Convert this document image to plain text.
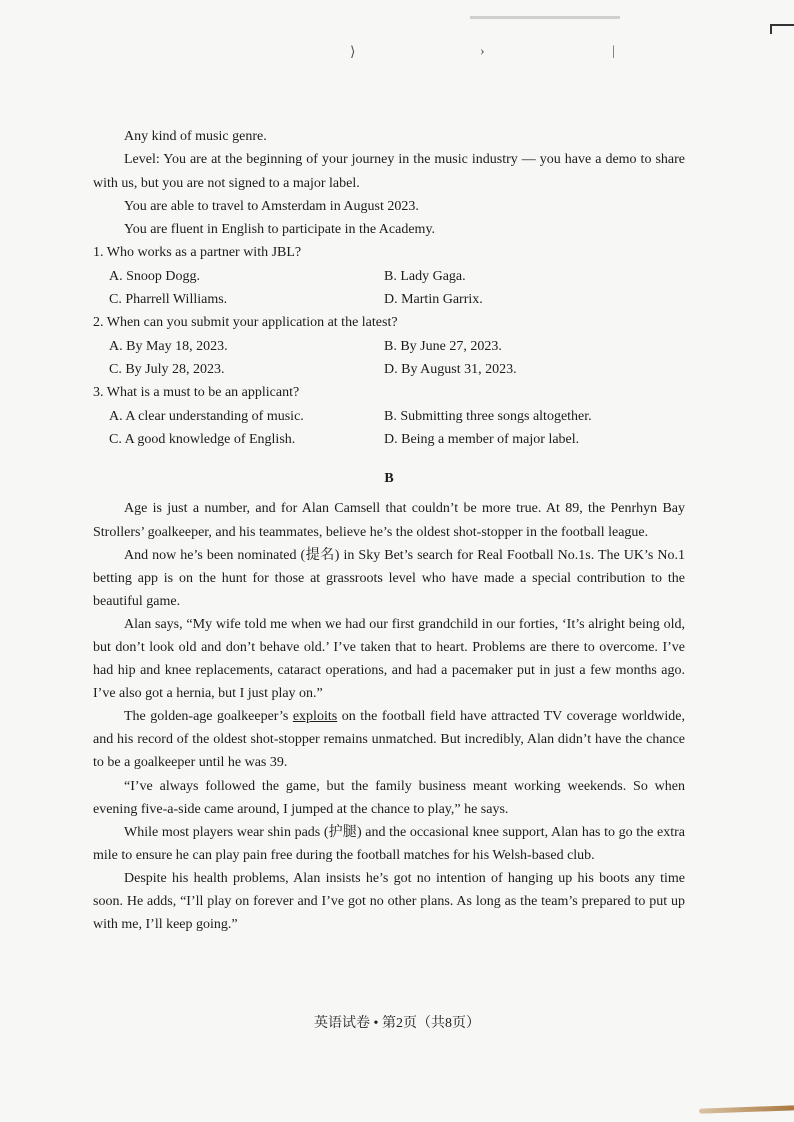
⟩	›	|

Any kind of music genre.

Level: You are at the beginning of your journey in the music industry — you have a demo to share with us, but you are not signed to a major label.

You are able to travel to Amsterdam in August 2023.

You are fluent in English to participate in the Academy.

1. Who works as a partner with JBL?

A. Snoop Dogg.	B. Lady Gaga.
C. Pharrell Williams.	D. Martin Garrix.

2. When can you submit your application at the latest?

A. By May 18, 2023.	B. By June 27, 2023.
C. By July 28, 2023.	D. By August 31, 2023.

3. What is a must to be an applicant?

A. A clear understanding of music.	B. Submitting three songs altogether.
C. A good knowledge of English.	D. Being a member of major label.
B

Age is just a number, and for Alan Camsell that couldn’t be more true. At 89, the Penrhyn Bay Strollers’ goalkeeper, and his teammates, believe he’s the oldest shot-stopper in the football league.

And now he’s been nominated (提名) in Sky Bet’s search for Real Football No.1s. The UK’s No.1 betting app is on the hunt for those at grassroots level who have made a special contribution to the beautiful game.

Alan says, “My wife told me when we had our first grandchild in our forties, ‘It’s alright being old, but don’t look old and don’t behave old.’ I’ve taken that to heart. Problems are there to overcome. I’ve had hip and knee replacements, cataract operations, and had a pacemaker put in just a few months ago. I’ve also got a hernia, but I just play on.”

The golden-age goalkeeper’s exploits on the football field have attracted TV coverage worldwide, and his record of the oldest shot-stopper remains unmatched. But incredibly, Alan didn’t have the chance to be a goalkeeper until he was 39.

“I’ve always followed the game, but the family business meant working weekends. So when evening five-a-side came around, I jumped at the chance to play,” he says.

While most players wear shin pads (护腿) and the occasional knee support, Alan has to go the extra mile to ensure he can play pain free during the football matches for his Welsh-based club.

Despite his health problems, Alan insists he’s got no intention of hanging up his boots any time soon. He adds, “I’ll play on forever and I’ve got no other plans. As long as the team’s prepared to put up with me, I’ll keep going.”

英语试卷 • 第2页（共8页）
